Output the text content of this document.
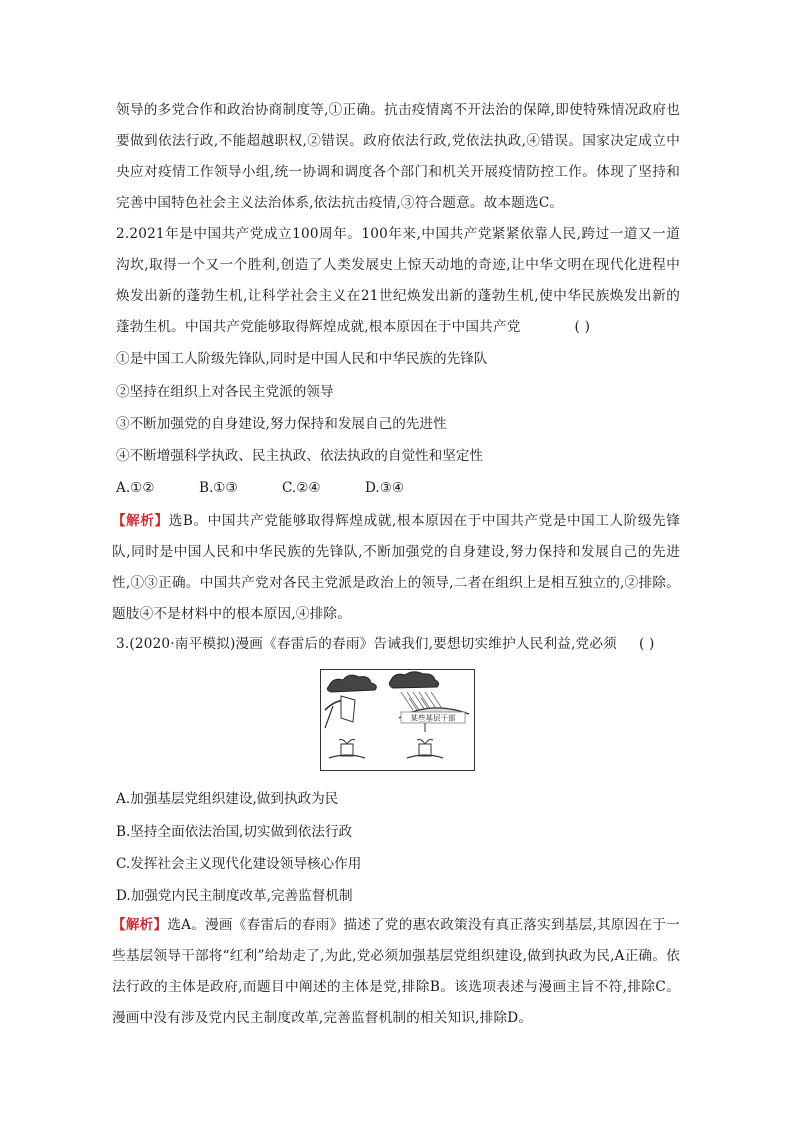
领导的多党合作和政治协商制度等,①正确。抗击疫情离不开法治的保障,即使特殊情况政府也要做到依法行政,不能超越职权,②错误。政府依法行政,党依法执政,④错误。国家决定成立中央应对疫情工作领导小组,统一协调和调度各个部门和机关开展疫情防控工作。体现了坚持和完善中国特色社会主义法治体系,依法抗击疫情,③符合题意。故本题选C。

2.2021年是中国共产党成立100周年。100年来,中国共产党紧紧依靠人民,跨过一道又一道沟坎,取得一个又一个胜利,创造了人类发展史上惊天动地的奇迹,让中华文明在现代化进程中焕发出新的蓬勃生机,让科学社会主义在21世纪焕发出新的蓬勃生机,使中华民族焕发出新的蓬勃生机。中国共产党能够取得辉煌成就,根本原因在于中国共产党	( )

①是中国工人阶级先锋队,同时是中国人民和中华民族的先锋队
②坚持在组织上对各民主党派的领导
③不断加强党的自身建设,努力保持和发展自己的先进性
④不断增强科学执政、民主执政、依法执政的自觉性和坚定性
A.①②	B.①③	C.②④	D.③④

【解析】选B。中国共产党能够取得辉煌成就,根本原因在于中国共产党是中国工人阶级先锋队,同时是中国人民和中华民族的先锋队,不断加强党的自身建设,努力保持和发展自己的先进性,①③正确。中国共产党对各民主党派是政治上的领导,二者在组织上是相互独立的,②排除。题肢④不是材料中的根本原因,④排除。

3.(2020·南平模拟)漫画《春雷后的春雨》告诫我们,要想切实维护人民利益,党必须 ( )

某些基层干部
A.加强基层党组织建设,做到执政为民
B.坚持全面依法治国,切实做到依法行政
C.发挥社会主义现代化建设领导核心作用
D.加强党内民主制度改革,完善监督机制

【解析】选A。漫画《春雷后的春雨》描述了党的惠农政策没有真正落实到基层,其原因在于一些基层领导干部将“红利”给劫走了,为此,党必须加强基层党组织建设,做到执政为民,A正确。依法行政的主体是政府,而题目中阐述的主体是党,排除B。该选项表述与漫画主旨不符,排除C。漫画中没有涉及党内民主制度改革,完善监督机制的相关知识,排除D。
